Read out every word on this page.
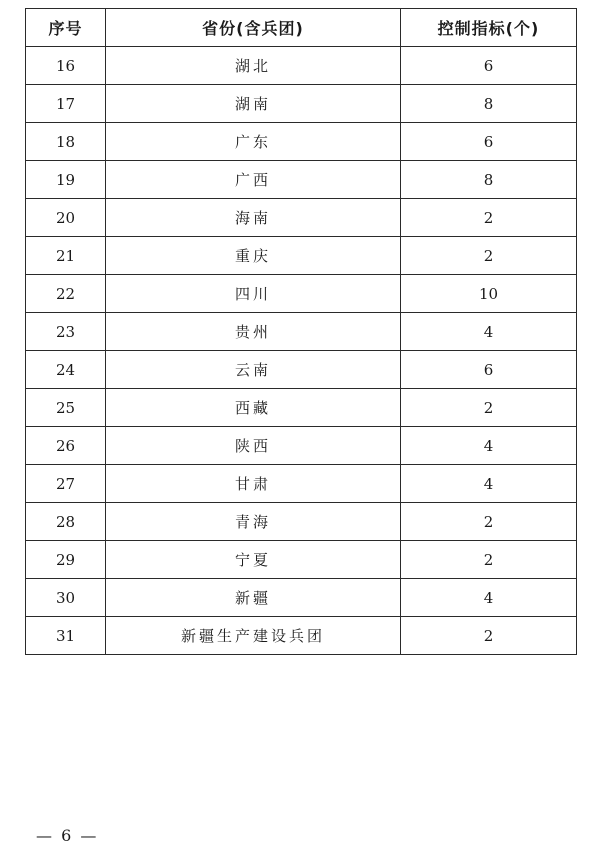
序号	省份(含兵团)	控制指标(个)
16	湖北	6
17	湖南	8
18	广东	6
19	广西	8
20	海南	2
21	重庆	2
22	四川	10
23	贵州	4
24	云南	6
25	西藏	2
26	陕西	4
27	甘肃	4
28	青海	2
29	宁夏	2
30	新疆	4
31	新疆生产建设兵团	2
— 6 —
